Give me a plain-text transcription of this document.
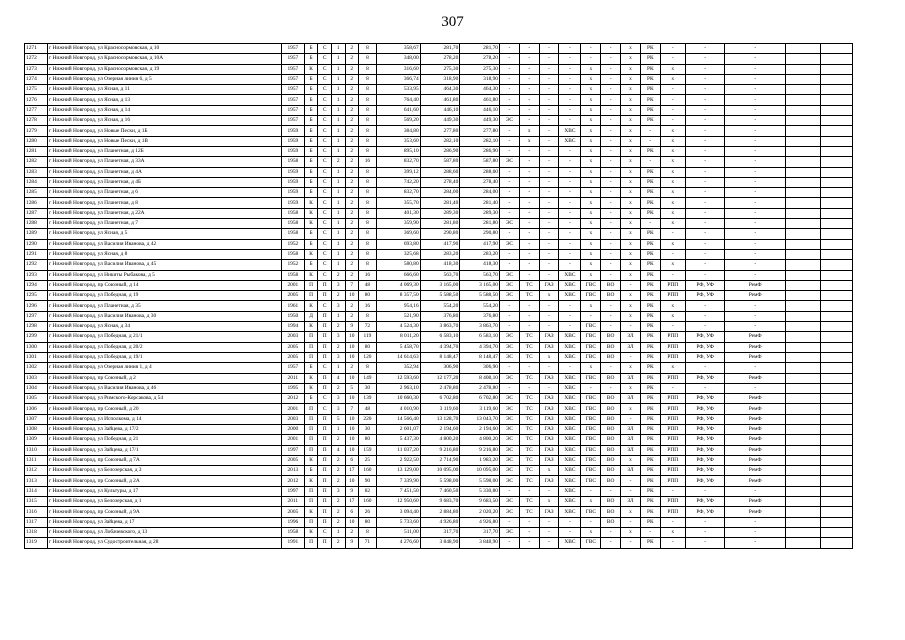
307
1271	г Нижний Новгород, ул Красносормовская, д 10	1957	Б	С	1	2	8	358,67	281,70	281,70	-	-	-	-	-	-	х	РК	-	-	-		
1272	г Нижний Новгород, ул Красносормовская, д 10А	1957	Б	С	1	2	8	348,00	278,20	278,20	-	-	-	-	-	-	х	РК	-	-	-		
1273	г Нижний Новгород, ул Красносормовская, д 19	1957	К	С	1	2	8	316,60	275,30	275,30	-	-	-	-	х	-	х	РК	х	-	-		
1274	г Нижний Новгород, ул Озерная линия 6, д 5	1957	Б	С	1	2	8	366,74	318,90	318,90	-	-	-	-	х	-	х	РК	х	-	-		
1275	г Нижний Новгород, ул Ясная, д 11	1957	Б	С	1	2	8	533,95	464,30	464,30	-	-	-	-	х	-	х	РК	-	-	-		
1276	г Нижний Новгород, ул Ясная, д 13	1957	Б	С	1	2	8	764,40	461,80	461,80	-	-	-	-	х	-	х	РК	-	-	-		
1277	г Нижний Новгород, ул Ясная, д 14	1957	Б	С	1	2	8	641,60	446,10	446,10	-	-	-	-	х	-	х	РК	-	-	-		
1278	г Нижний Новгород, ул Ясная, д 16	1957	Б	С	1	2	8	569,20	449,30	449,30	ЭС	-	-	-	х	-	х	РК	-	-	-		
1279	г Нижний Новгород, ул Новые Пески, д 1Б	1959	Б	С	1	2	8	384,80	277,80	277,80	-	х	-	ХВС	х	-	х	-	х	-	-		
1280	г Нижний Новгород, ул Новые Пески, д 1В	1959	Б	С	1	2	8	353,60	282,10	282,10	-	х	-	ХВС	х	-	х	-	х	-	-		
1281	г Нижний Новгород, ул Планетная, д 12Б	1959	Б	С	1	2	8	895,10	286,90	286,90	-	-	-	-	х	-	х	РК	х	-	-		
1282	г Нижний Новгород, ул Планетная, д 33А	1958	Б	С	2	2	16	832,70	587,80	587,80	ЭС	-	-	-	х	-	х	-	х	-	-		
1283	г Нижний Новгород, ул Планетная, д 4А	1959	Б	С	1	2	8	399,12	288,60	288,60	-	-	-	-	х	-	х	РК	х	-	-		
1284	г Нижний Новгород, ул Планетная, д 4Б	1959	Б	С	1	2	8	742,20	278,40	278,40	-	-	-	-	х	-	х	РК	х	-	-		
1285	г Нижний Новгород, ул Планетная, д 6	1959	Б	С	1	2	8	832,70	284,00	284,00	-	-	-	-	х	-	х	РК	х	-	-		
1286	г Нижний Новгород, ул Планетная, д 8	1959	К	С	1	2	8	355,70	281,40	281,40	-	-	-	-	х	-	х	РК	х	-	-		
1287	г Нижний Новгород, ул Планетная, д 22А	1958	К	С	1	2	8	401,30	289,30	289,30	-	-	-	-	х	-	х	РК	х	-	-		
1288	г Нижний Новгород, ул Планетная, д 7	1958	К	С	1	2	8	359,90	281,80	281,80	ЭС	-	-	-	х	-	х	-	х	-	-		
1289	г Нижний Новгород, ул Ясная, д 5	1958	Б	С	1	2	8	369,60	290,80	290,80	-	-	-	-	х	-	х	РК	-	-	-		
1290	г Нижний Новгород, ул Василия Иванова, д 42	1952	Б	С	1	2	8	693,80	417,90	417,90	ЭС	-	-	-	х	-	х	РК	х	-	-		
1291	г Нижний Новгород, ул Ясная, д 8	1958	К	С	1	2	8	325,68	283,20	283,20	-	-	-	-	х	-	х	РК	-	-	-		
1292	г Нижний Новгород, ул Василия Иванова, д 45	1952	Б	С	1	2	8	580,80	418,30	418,30	-	-	-	-	х	-	х	РК	х	-	-		
1293	г Нижний Новгород, ул Никиты Рыбакова, д 5	1958	К	С	2	2	16	666,60	563,70	563,70	ЭС	-	-	ХВС	х	-	х	РК	-	-	-		
1294	г Нижний Новгород, пр Союзный, д 14	2001	П	П	3	7	48	4 069,30	3 165,00	3 165,00	ЭС	ТС	ГАЗ	ХВС	ГВС	ВО	-	РК	РПП	РФ, УФ	РемФ		
1295	г Нижний Новгород, ул Победная, д 19	2005	П	П	2	10	80	8 357,50	5 588,50	5 588,50	ЭС	ТС	х	ХВС	ГВС	ВО	х	РК	РПП	РФ, УФ	РемФ		
1296	г Нижний Новгород, ул Планетная, д 35	1961	К	С	3	2	16	954,16	554,20	554,20	-	-	-	-	х	-	х	РК	х	-	-		
1297	г Нижний Новгород, ул Василия Иванова, д 30	1950	Д	П	1	2	8	521,90	376,80	376,80	-	-	-	-	-	-	х	РК	х	-	-		
1298	г Нижний Новгород, ул Ясная, д 34	1994	К	П	2	9	72	4 524,30	3 863,70	3 863,70	-	-	-	-	ГВС	-	-	РК	-	-	-		
1299	г Нижний Новгород, ул Победная, д 21/1	2003	П	П	3	10	119	8 011,20	6 583,10	6 583,10	ЭС	ТС	ГАЗ	ХВС	ГВС	ВО	ЗЛ	РК	РПП	РФ, УФ	РемФ		
1300	г Нижний Новгород, ул Победная, д 20/2	2005	П	П	2	10	80	5 458,70	4 394,70	4 394,70	ЭС	ТС	ГАЗ	ХВС	ГВС	ВО	ЗЛ	РК	РПП	РФ, УФ	РемФ		
1301	г Нижний Новгород, ул Победная, д 19/1	2005	П	П	3	10	120	14 614,63	8 148,47	8 148,47	ЭС	ТС	х	ХВС	ГВС	ВО	-	РК	РПП	РФ, УФ	РемФ		
1302	г Нижний Новгород, ул Озерная линия 1, д 4	1957	Б	С	1	2	8	352,94	306,90	306,90	-	-	-	-	х	-	х	РК	х	-	-		
1303	г Нижний Новгород, пр Союзный, д 2	2011	К	П	4	10	149	12 593,60	12 177,20	8 408,10	ЭС	ТС	ГАЗ	ХВС	ГВС	ВО	ЗЛ	РК	РПП	РФ, УФ	РемФ		
1304	г Нижний Новгород, ул Василия Иванова, д 46	1995	К	П	2	5	30	2 963,10	2 478,80	2 478,80	-	-	-	ХВС	-	-	х	РК	-	-	-		
1305	г Нижний Новгород, ул Римского-Корсакова, д 54	2012	Б	С	3	10	139	10 660,30	6 702,80	6 702,80	ЭС	ТС	ГАЗ	ХВС	ГВС	ВО	ЗЛ	РК	РПП	РФ, УФ	РемФ		
1306	г Нижний Новгород, пр Союзный, д 20	2001	П	С	3	7	48	4 010,90	3 119,60	3 119,60	ЭС	ТС	ГАЗ	ХВС	ГВС	ВО	х	РК	РПП	РФ, УФ	РемФ		
1307	г Нижний Новгород, ул Исполкома, д 14	2003	П	П	5	10	220	14 566,40	13 128,70	13 043,70	ЭС	ТС	ГАЗ	ХВС	ГВС	ВО	-	РК	РПП	РФ, УФ	РемФ		
1308	г Нижний Новгород, ул Зайцева, д 17/2	2000	П	П	1	10	30	2 601,07	2 194,60	2 194,60	ЭС	ТС	ГАЗ	ХВС	ГВС	ВО	ЗЛ	РК	РПП	РФ, УФ	РемФ		
1309	г Нижний Новгород, ул Победная, д 21	2001	П	П	2	10	80	5 437,30	4 800,20	4 800,20	ЭС	ТС	ГАЗ	ХВС	ГВС	ВО	ЗЛ	РК	РПП	РФ, УФ	РемФ		
1310	г Нижний Новгород, ул Зайцева, д 17/1	1997	П	П	4	10	159	11 037,20	9 216,80	9 216,80	ЭС	ТС	ГАЗ	ХВС	ГВС	ВО	ЗЛ	РК	РПП	РФ, УФ	РемФ		
1311	г Нижний Новгород, пр Союзный, д 7А	2005	К	П	2	6	25	2 922,50	2 714,90	1 983,20	ЭС	ТС	ГАЗ	ХВС	ГВС	ВО	х	РК	РПП	РФ, УФ	РемФ		
1312	г Нижний Новгород, ул Белозерская, д 3	2013	Б	П	2	17	160	13 129,00	10 095,00	10 095,00	ЭС	ТС	х	ХВС	ГВС	ВО	ЗЛ	РК	РПП	РФ, УФ	РемФ		
1313	г Нижний Новгород, пр Союзный, д 2А	2012	К	П	2	10	90	7 339,90	5 598,00	5 598,00	ЭС	ТС	ГАЗ	ХВС	ГВС	ВО	-	РК	РПП	РФ, УФ	РемФ		
1314	г Нижний Новгород, ул Культуры, д 17	1997	П	П	3	9	82	7 451,50	7 460,50	5 330,80	-	-	-	ХВС	-	-	-	РК	-	-	-		
1315	г Нижний Новгород, ул Белозерская, д 1	2011	П	П	2	17	160	12 950,60	9 683,70	9 683,50	ЭС	ТС	х	ХВС	х	ВО	ЗЛ	РК	РПП	РФ, УФ	РемФ		
1316	г Нижний Новгород, пр Союзный, д 9А	2005	К	П	2	6	26	3 094,40	2 884,80	2 020,20	ЭС	ТС	ГАЗ	ХВС	ГВС	ВО	х	РК	РПП	РФ, УФ	РемФ		
1317	г Нижний Новгород, ул Зайцева, д 17	1996	П	П	2	10	80	5 733,60	4 926,80	4 926,80	-	-	-	-	-	ВО	-	РК	-	-	-		
1318	г Нижний Новгород, ул Лобачевского, д 13	1958	К	С	1	2	8	511,00	317,70	317,70	ЭС	-	-	-	х	-	х	-	х	-	-		
1319	г Нижний Новгород, ул Судостроительная, д 28	1991	П	П	2	9	71	4 276,60	3 848,90	3 848,90	-	-	-	ХВС	ГВС	-	-	РК	-	-	-		
